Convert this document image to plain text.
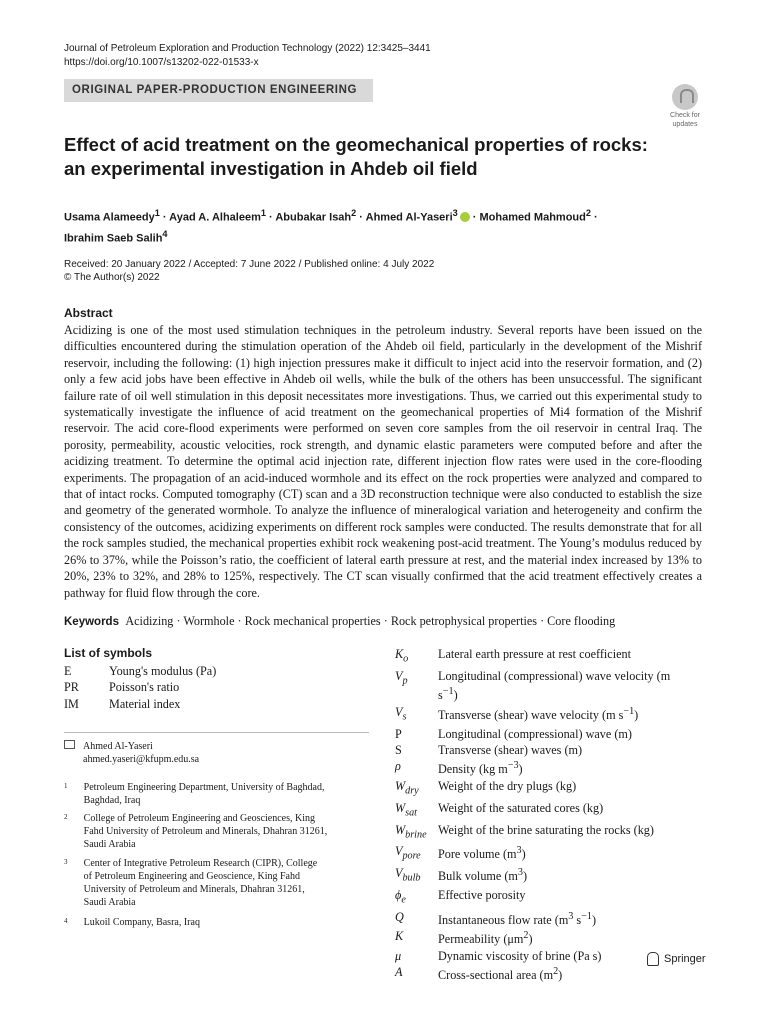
Journal of Petroleum Exploration and Production Technology (2022) 12:3425–3441
https://doi.org/10.1007/s13202-022-01533-x
ORIGINAL PAPER-PRODUCTION ENGINEERING
Check for
updates
Effect of acid treatment on the geomechanical properties of rocks:
an experimental investigation in Ahdeb oil field
Usama Alameedy$^1$ · Ayad A. Alhaleem$^1$ · Abubakar Isah$^2$ · Ahmed Al-Yaseri$^3$ · Mohamed Mahmoud$^2$ ·
Ibrahim Saeb Salih$^4$
Received: 20 January 2022 / Accepted: 7 June 2022 / Published online: 4 July 2022
© The Author(s) 2022
Abstract
Acidizing is one of the most used stimulation techniques in the petroleum industry. Several reports have been issued on the difficulties encountered during the stimulation operation of the Ahdeb oil field, particularly in the development of the Mishrif reservoir, including the following: (1) high injection pressures make it difficult to inject acid into the reservoir formation, and (2) only a few acid jobs have been effective in Ahdeb oil wells, while the bulk of the others has been unsuccessful. The significant failure rate of oil well stimulation in this deposit necessitates more investigations. Thus, we carried out this experimental study to systematically investigate the influence of acid treatment on the geomechanical properties of Mi4 formation of the Mishrif reservoir. The acid core-flood experiments were performed on seven core samples from the oil reservoir in central Iraq. The porosity, permeability, acoustic velocities, rock strength, and dynamic elastic parameters were computed before and after the acidizing treatment. To determine the optimal acid injection rate, different injection flow rates were used in the core-flooding experiments. The propagation of an acid-induced wormhole and its effect on the rock properties were analyzed and compared to that of intact rocks. Computed tomography (CT) scan and a 3D reconstruction technique were also conducted to establish the size and geometry of the generated wormhole. To analyze the influence of mineralogical variation and heterogeneity and confirm the consistency of the outcomes, acidizing experiments on different rock samples were conducted. The results demonstrate that for all the rock samples studied, the mechanical properties exhibit rock weakening post-acid treatment. The Young’s modulus reduced by 26% to 37%, while the Poisson’s ratio, the coefficient of lateral earth pressure at rest, and the material index increased by 13% to 20%, 23% to 32%, and 28% to 125%, respectively. The CT scan visually confirmed that the acid treatment effectively creates a pathway for fluid flow through the core.
Keywords Acidizing · Wormhole · Rock mechanical properties · Rock petrophysical properties · Core flooding
List of symbols
E	Young's modulus (Pa)
PR	Poisson's ratio
IM	Material index
$K_o$	Lateral earth pressure at rest coefficient
$V_p$	Longitudinal (compressional) wave velocity (m
$s^{-1}$)
$V_s$	Transverse (shear) wave velocity (m $s^{-1}$)
P	Longitudinal (compressional) wave (m)
S	Transverse (shear) waves (m)
ρ	Density (kg $m^{-3}$)
$W_{dry}$	Weight of the dry plugs (kg)
$W_{sat}$	Weight of the saturated cores (kg)
$W_{brine}$ Weight of the brine saturating the rocks (kg)
$V_{pore}$	Pore volume $(m^3)$
$V_{bulb}$	Bulk volume $(m^3)$
$\phi_e$	Effective porosity
Q	Instantaneous flow rate ($m^3$ $s^{-1}$)
K	Permeability $(\mu m^2)$
μ	Dynamic viscosity of brine (Pa s)
A	Cross-sectional area $(m^2)$
Ahmed Al-Yaseri
ahmed.yaseri@kfupm.edu.sa
1	Petroleum Engineering Department, University of Baghdad,
Baghdad, Iraq
2	College of Petroleum Engineering and Geosciences, King
Fahd University of Petroleum and Minerals, Dhahran 31261,
Saudi Arabia
3	Center of Integrative Petroleum Research (CIPR), College
of Petroleum Engineering and Geoscience, King Fahd
University of Petroleum and Minerals, Dhahran 31261,
Saudi Arabia
4	Lukoil Company, Basra, Iraq
Springer
